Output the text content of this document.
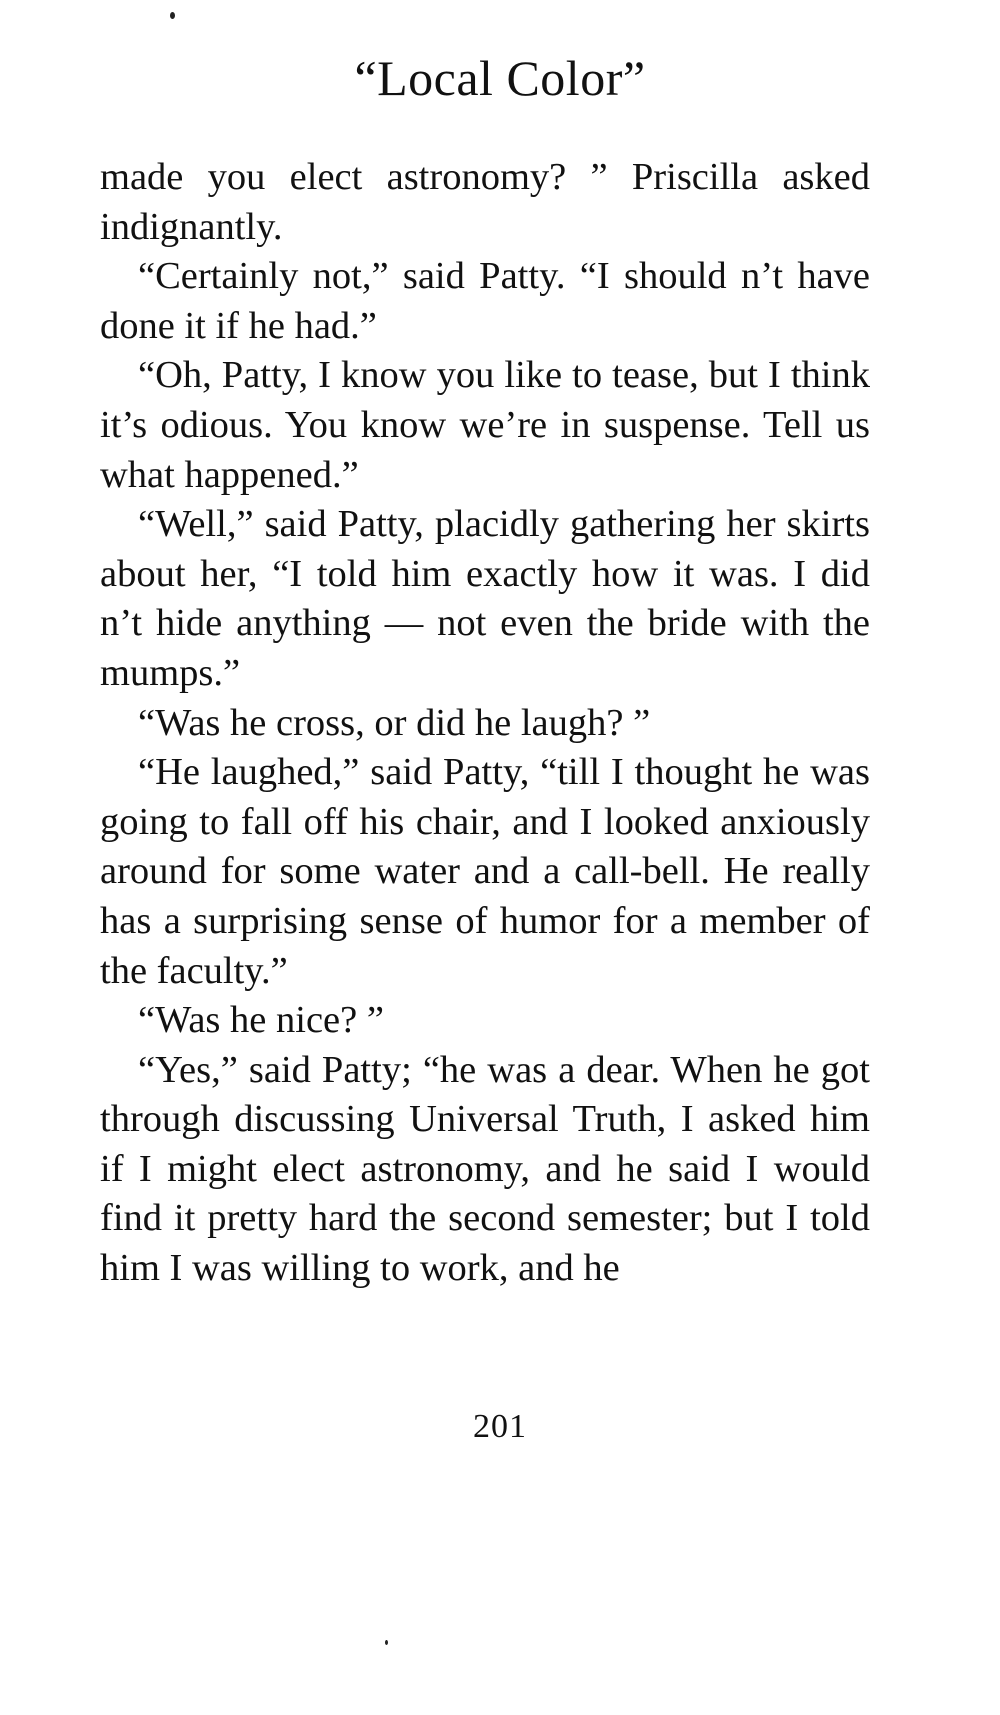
“Local Color”

made you elect astronomy? ” Priscilla asked indignantly.

“Certainly not,” said Patty. “I should n’t have done it if he had.”

“Oh, Patty, I know you like to tease, but I think it’s odious. You know we’re in suspense. Tell us what happened.”

“Well,” said Patty, placidly gathering her skirts about her, “I told him exactly how it was. I did n’t hide anything — not even the bride with the mumps.”

“Was he cross, or did he laugh? ”

“He laughed,” said Patty, “till I thought he was going to fall off his chair, and I looked anxiously around for some water and a call-bell. He really has a surprising sense of humor for a member of the faculty.”

“Was he nice? ”

“Yes,” said Patty; “he was a dear. When he got through discussing Universal Truth, I asked him if I might elect astronomy, and he said I would find it pretty hard the second semester; but I told him I was willing to work, and he

201
